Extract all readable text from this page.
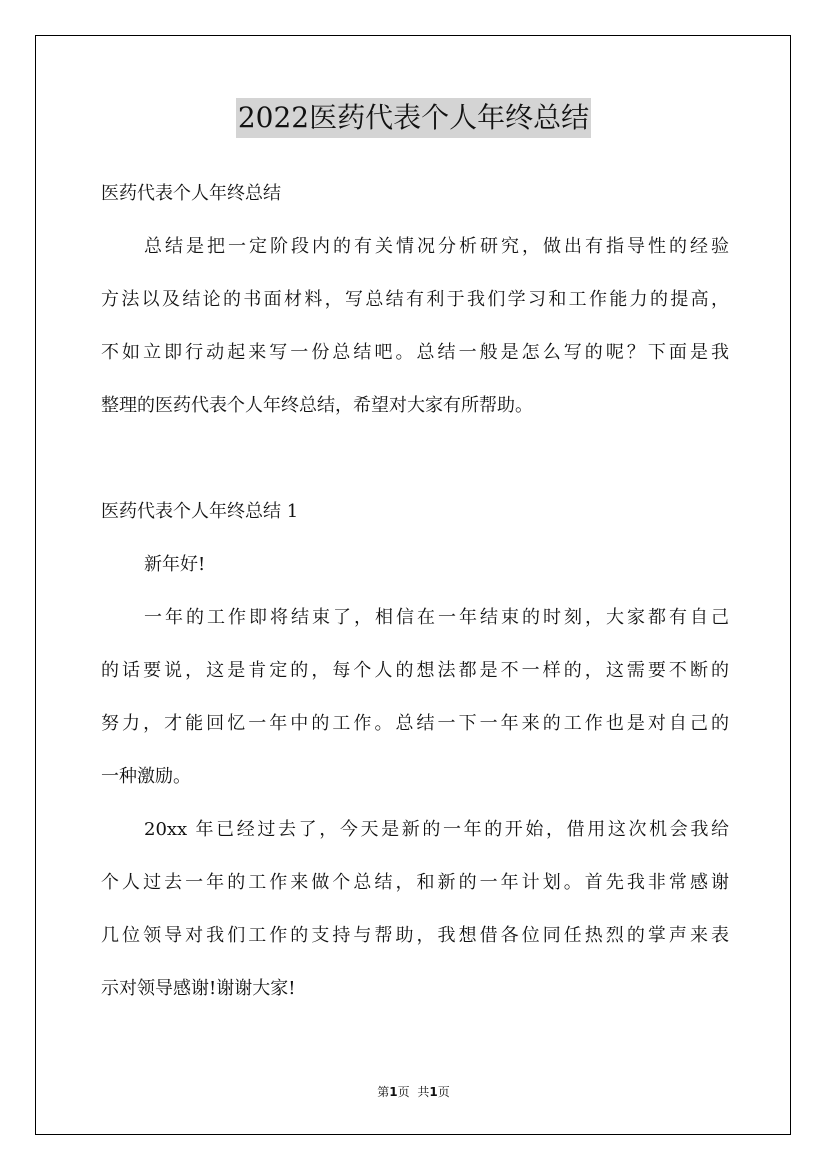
2022医药代表个人年终总结
医药代表个人年终总结
总结是把一定阶段内的有关情况分析研究，做出有指导性的经验
方法以及结论的书面材料，写总结有利于我们学习和工作能力的提高，
不如立即行动起来写一份总结吧。总结一般是怎么写的呢？下面是我
整理的医药代表个人年终总结，希望对大家有所帮助。
医药代表个人年终总结 1
新年好!
一年的工作即将结束了，相信在一年结束的时刻，大家都有自己
的话要说，这是肯定的，每个人的想法都是不一样的，这需要不断的
努力，才能回忆一年中的工作。总结一下一年来的工作也是对自己的
一种激励。
20xx 年已经过去了，今天是新的一年的开始，借用这次机会我给
个人过去一年的工作来做个总结，和新的一年计划。首先我非常感谢
几位领导对我们工作的支持与帮助，我想借各位同任热烈的掌声来表
示对领导感谢!谢谢大家!
第1页 共1页
